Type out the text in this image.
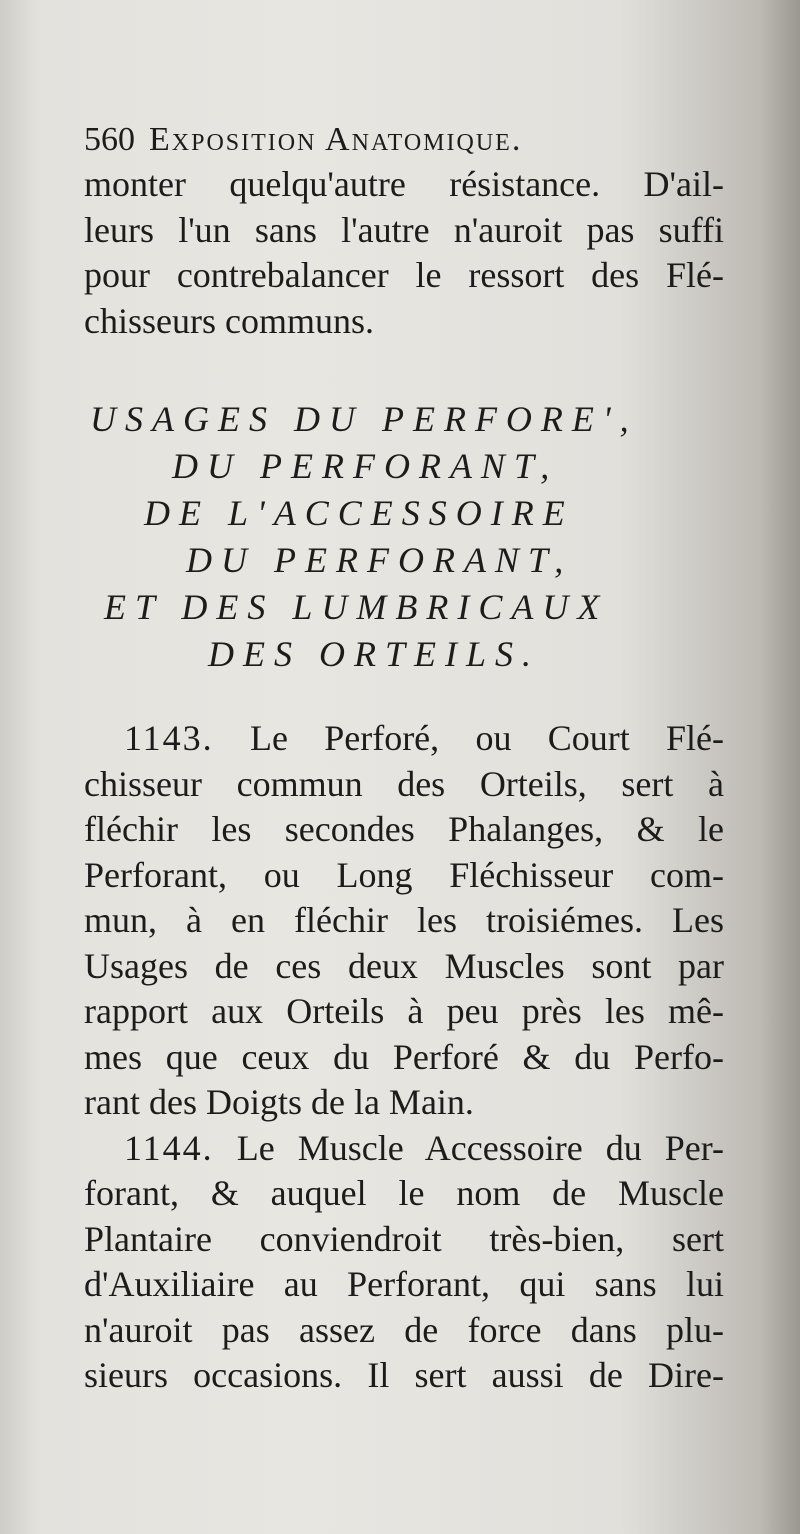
560 Exposition Anatomique.

monter quelqu'autre résistance. D'ail-
leurs l'un sans l'autre n'auroit pas suffi
pour contrebalancer le ressort des Flé-
chisseurs communs.

USAGES DU PERFORE',
DU PERFORANT,
DE L'ACCESSOIRE
DU PERFORANT,
ET DES LUMBRICAUX
DES ORTEILS.

1143. Le Perforé, ou Court Flé-
chisseur commun des Orteils, sert à
fléchir les secondes Phalanges, & le
Perforant, ou Long Fléchisseur com-
mun, à en fléchir les troisiémes. Les
Usages de ces deux Muscles sont par
rapport aux Orteils à peu près les mê-
mes que ceux du Perforé & du Perfo-
rant des Doigts de la Main.

1144. Le Muscle Accessoire du Per-
forant, & auquel le nom de Muscle
Plantaire conviendroit très-bien, sert
d'Auxiliaire au Perforant, qui sans lui
n'auroit pas assez de force dans plu-
sieurs occasions. Il sert aussi de Dire-
